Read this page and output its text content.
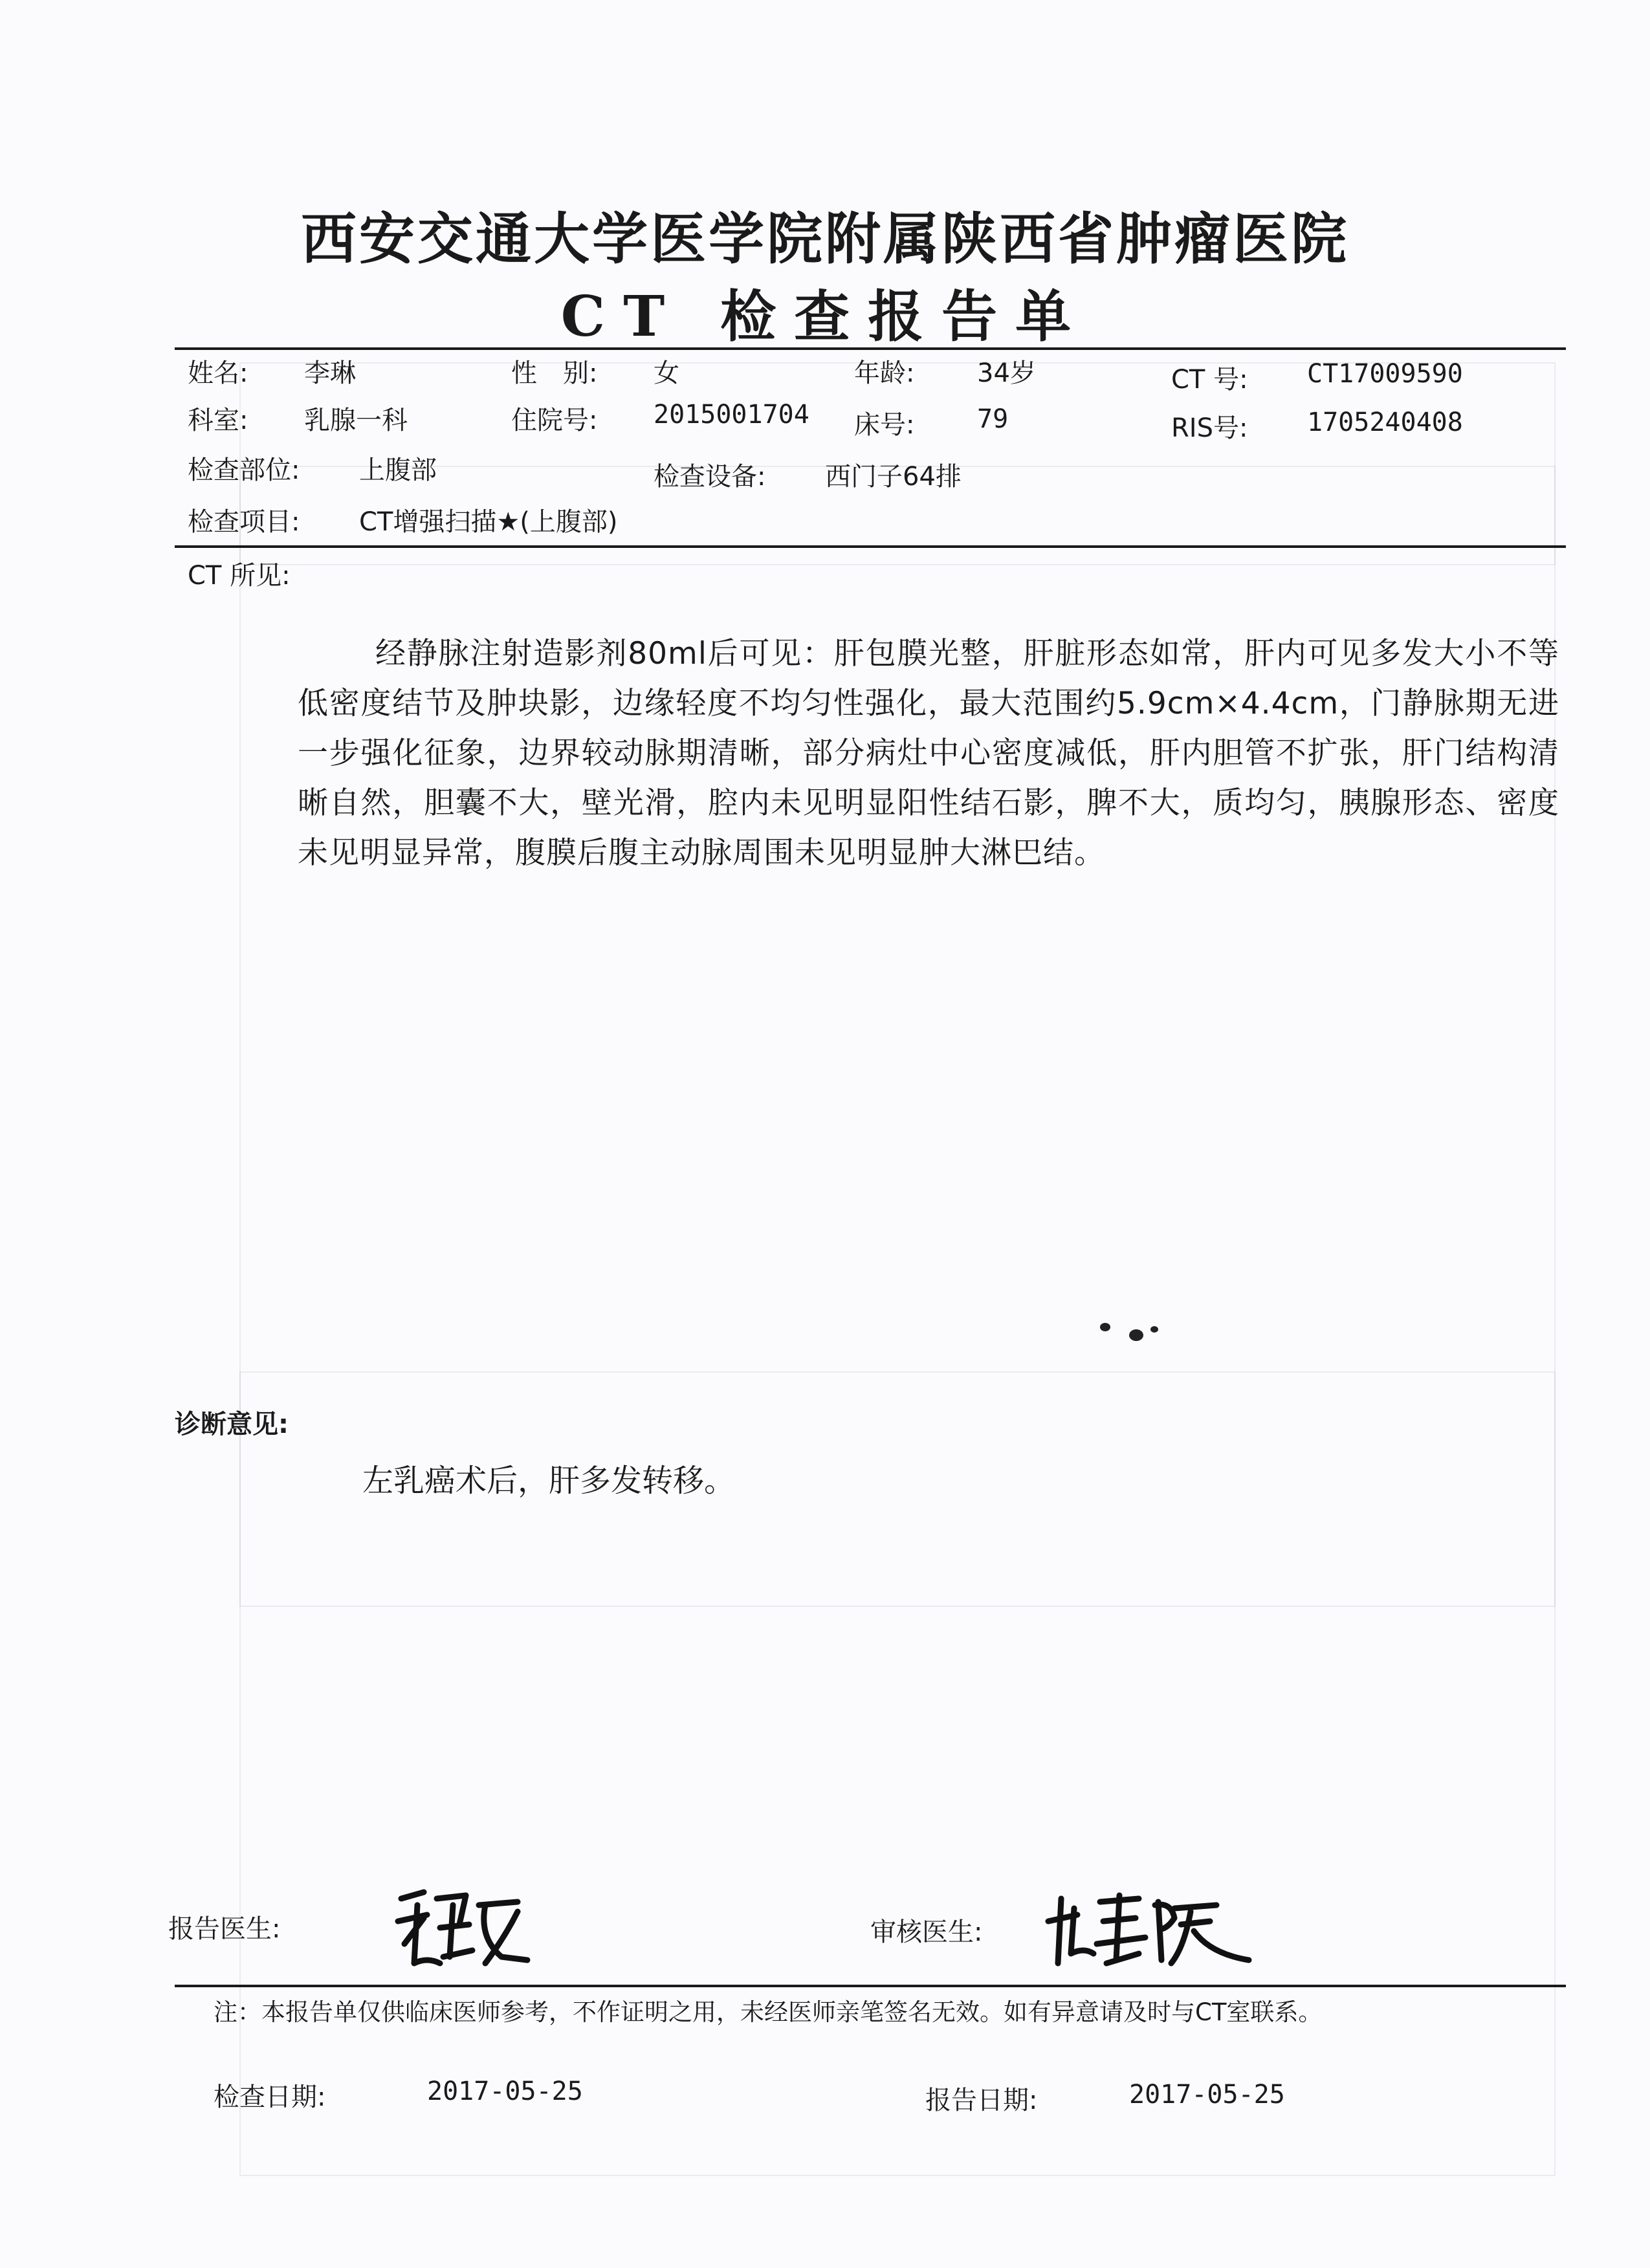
西安交通大学医学院附属陕西省肿瘤医院
CT 检查报告单
姓名: 李琳	性　别: 女	年龄: 34岁	CT 号: CT17009590
科室: 乳腺一科	住院号: 2015001704 床号: 79	RIS号: 1705240408
检查部位: 上腹部	检查设备: 西门子64排
检查项目: CT增强扫描★(上腹部)
CT 所见:

经静脉注射造影剂80ml后可见：肝包膜光整，肝脏形态如常，肝内可见多发大小不等低密度结节及肿块影，边缘轻度不均匀性强化，最大范围约5.9cm×4.4cm，门静脉期无进一步强化征象，边界较动脉期清晰，部分病灶中心密度减低，肝内胆管不扩张，肝门结构清晰自然，胆囊不大，壁光滑，腔内未见明显阳性结石影，脾不大，质均匀，胰腺形态、密度未见明显异常，腹膜后腹主动脉周围未见明显肿大淋巴结。

诊断意见:
左乳癌术后，肝多发转移。
报告医生:	审核医生:
注：本报告单仅供临床医师参考，不作证明之用，未经医师亲笔签名无效。如有异意请及时与CT室联系。
检查日期:	2017-05-25	报告日期:	2017-05-25
